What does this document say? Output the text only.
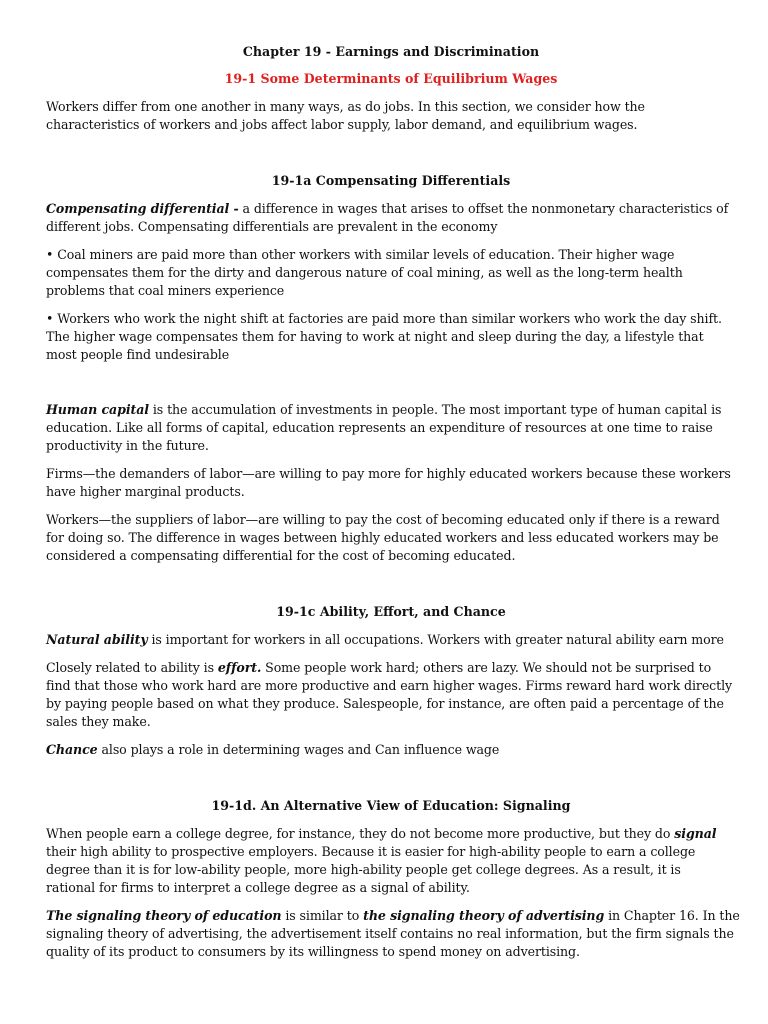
Chapter 19 - Earnings and Discrimination
19-1 Some Determinants of Equilibrium Wages
Workers differ from one another in many ways, as do jobs. In this section, we consider how the
characteristics of workers and jobs affect labor supply, labor demand, and equilibrium wages.
19-1a Compensating Differentials
Compensating differential - a difference in wages that arises to offset the nonmonetary characteristics of
different jobs. Compensating differentials are prevalent in the economy
• Coal miners are paid more than other workers with similar levels of education. Their higher wage
compensates them for the dirty and dangerous nature of coal mining, as well as the long-term health
problems that coal miners experience
• Workers who work the night shift at factories are paid more than similar workers who work the day shift.
The higher wage compensates them for having to work at night and sleep during the day, a lifestyle that
most people find undesirable
Human capital is the accumulation of investments in people. The most important type of human capital is
education. Like all forms of capital, education represents an expenditure of resources at one time to raise
productivity in the future.
Firms—the demanders of labor—are willing to pay more for highly educated workers because these workers
have higher marginal products.
Workers—the suppliers of labor—are willing to pay the cost of becoming educated only if there is a reward
for doing so. The difference in wages between highly educated workers and less educated workers may be
considered a compensating differential for the cost of becoming educated.
19-1c Ability, Effort, and Chance
Natural ability is important for workers in all occupations. Workers with greater natural ability earn more
Closely related to ability is effort. Some people work hard; others are lazy. We should not be surprised to
find that those who work hard are more productive and earn higher wages. Firms reward hard work directly
by paying people based on what they produce. Salespeople, for instance, are often paid a percentage of the
sales they make.
Chance also plays a role in determining wages and Can influence wage
19-1d. An Alternative View of Education: Signaling
When people earn a college degree, for instance, they do not become more productive, but they do signal
their high ability to prospective employers. Because it is easier for high-ability people to earn a college
degree than it is for low-ability people, more high-ability people get college degrees. As a result, it is
rational for firms to interpret a college degree as a signal of ability.
The signaling theory of education is similar to the signaling theory of advertising in Chapter 16. In the
signaling theory of advertising, the advertisement itself contains no real information, but the firm signals the
quality of its product to consumers by its willingness to spend money on advertising.
